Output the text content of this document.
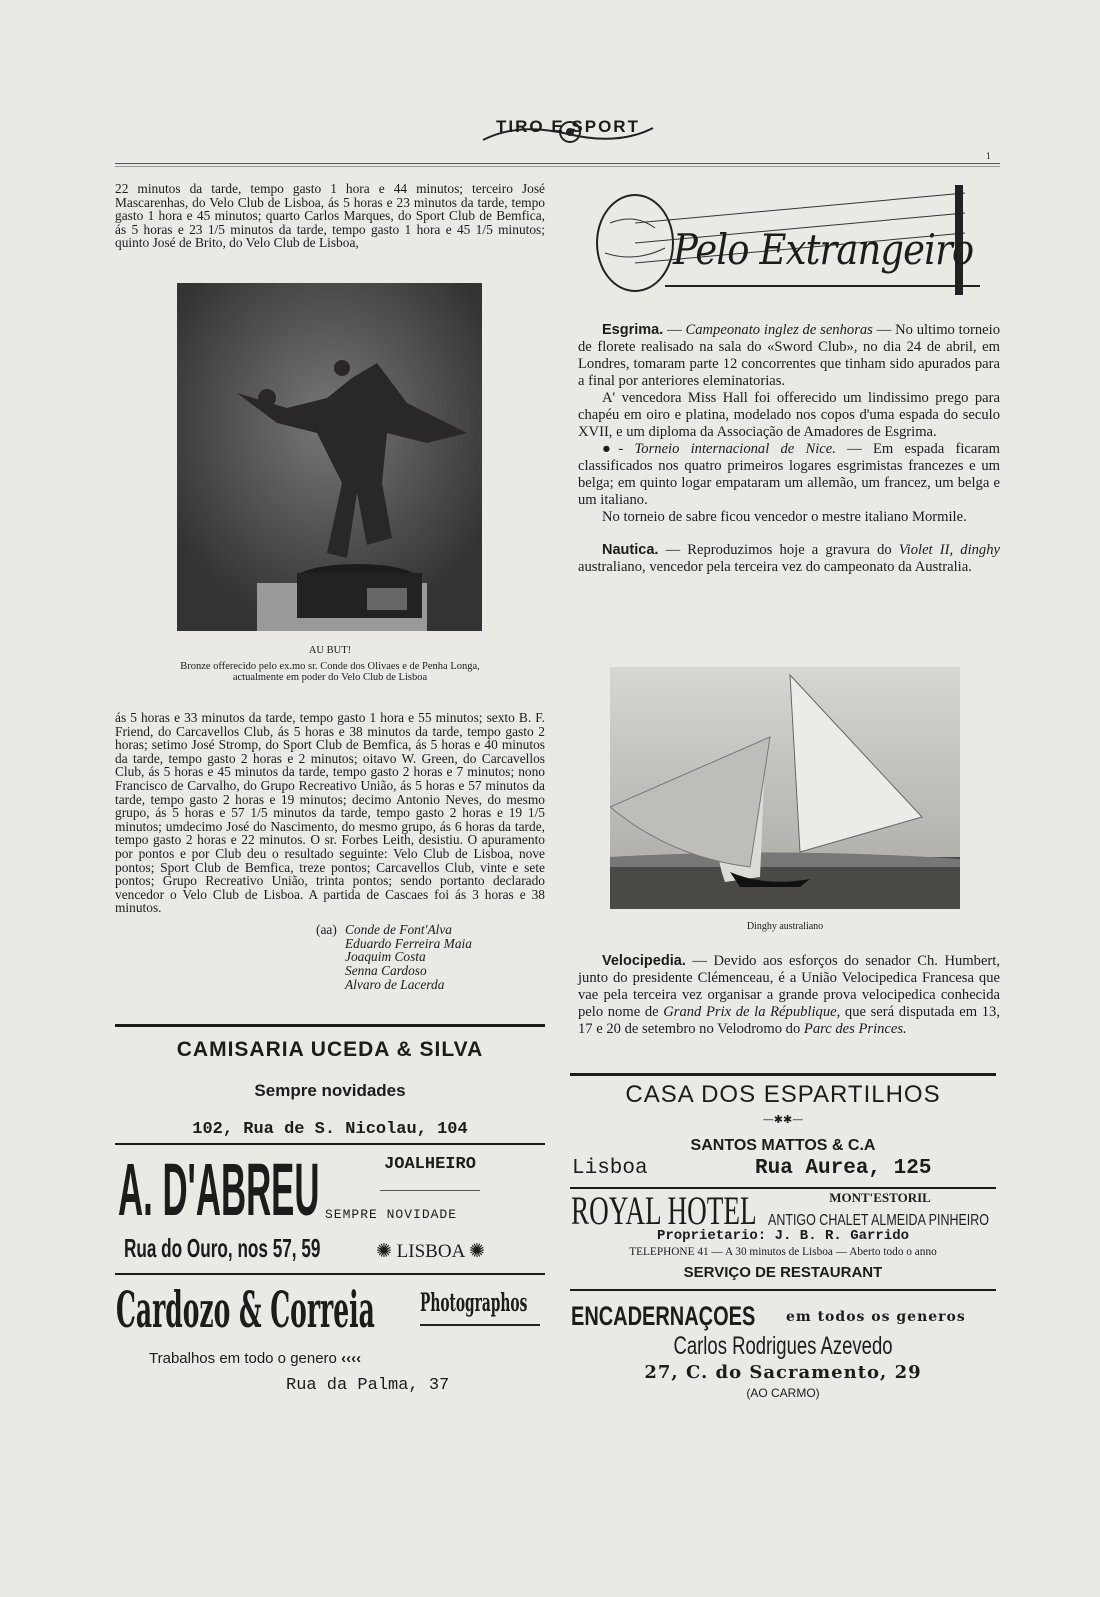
TIRO E SPORT
1
22 minutos da tarde, tempo gasto 1 hora e 44 minutos; terceiro José Mascarenhas, do Velo Club de Lisboa, ás 5 horas e 23 minutos da tarde, tempo gasto 1 hora e 45 minutos; quarto Carlos Marques, do Sport Club de Bemfica, ás 5 horas e 23 1/5 minutos da tarde, tempo gasto 1 hora e 45 1/5 minutos; quinto José de Brito, do Velo Club de Lisboa,
AU BUT!
Bronze offerecido pelo ex.mo sr. Conde dos Olivaes e de Penha Longa,
actualmente em poder do Velo Club de Lisboa
ás 5 horas e 33 minutos da tarde, tempo gasto 1 hora e 55 minutos; sexto B. F. Friend, do Carcavellos Club, ás 5 horas e 38 minutos da tarde, tempo gasto 2 horas; setimo José Stromp, do Sport Club de Bemfica, ás 5 horas e 40 minutos da tarde, tempo gasto 2 horas e 2 minutos; oitavo W. Green, do Carcavellos Club, ás 5 horas e 45 minutos da tarde, tempo gasto 2 horas e 7 minutos; nono Francisco de Carvalho, do Grupo Recreativo União, ás 5 horas e 57 minutos da tarde, tempo gasto 2 horas e 19 minutos; decimo Antonio Neves, do mesmo grupo, ás 5 horas e 57 1/5 minutos da tarde, tempo gasto 2 horas e 19 1/5 minutos; umdecimo José do Nascimento, do mesmo grupo, ás 6 horas da tarde, tempo gasto 2 horas e 22 minutos. O sr. Forbes Leith, desistiu. O apuramento por pontos e por Club deu o resultado seguinte: Velo Club de Lisboa, nove pontos; Sport Club de Bemfica, treze pontos; Carcavellos Club, vinte e sete pontos; Grupo Recreativo União, trinta pontos; sendo portanto declarado vencedor o Velo Club de Lisboa. A partida de Cascaes foi ás 3 horas e 38 minutos.
(aa) Conde de Font'Alva
Eduardo Ferreira Maia
Joaquim Costa
Senna Cardoso
Alvaro de Lacerda
Pelo Extrangeiro

Esgrima. — Campeonato inglez de senhoras — No ultimo torneio de florete realisado na sala do «Sword Club», no dia 24 de abril, em Londres, tomaram parte 12 concorrentes que tinham sido apurados para a final por anteriores eleminatorias.

A' vencedora Miss Hall foi offerecido um lindissimo prego para chapéu em oiro e platina, modelado nos copos d'uma espada do seculo XVII, e um diploma da Associação de Amadores de Esgrima.

●- Torneio internacional de Nice. — Em espada ficaram classificados nos quatro primeiros logares esgrimistas francezes e um belga; em quinto logar empataram um allemão, um francez, um belga e um italiano.

No torneio de sabre ficou vencedor o mestre italiano Mormile.

Nautica. — Reproduzimos hoje a gravura do Violet II, dinghy australiano, vencedor pela terceira vez do campeonato da Australia.

Dinghy australiano

Velocipedia. — Devido aos esforços do senador Ch. Humbert, junto do presidente Clémenceau, é a União Velocipedica Francesa que vae pela terceira vez organisar a grande prova velocipedica conhecida pelo nome de Grand Prix de la République, que será disputada em 13, 17 e 20 de setembro no Velodromo do Parc des Princes.

CAMISARIA UCEDA & SILVA
Sempre novidades
102, Rua de S. Nicolau, 104
A. D'ABREU	JOALHEIRO
SEMPRE NOVIDADE
Rua do Ouro, nos 57, 59	✺ LISBOA ✺
Cardozo & Correia	Photographos
Trabalhos em todo o genero ‹‹‹‹
Rua da Palma, 37
CASA DOS ESPARTILHOS
—✱✱—
SANTOS MATTOS & C.A
Lisboa	Rua Aurea, 125
ROYAL HOTEL	MONT'ESTORIL
ANTIGO CHALET ALMEIDA PINHEIRO
Proprietario: J. B. R. Garrido
TELEPHONE 41 — A 30 minutos de Lisboa — Aberto todo o anno
SERVIÇO DE RESTAURANT
ENCADERNAÇOES	em todos os generos
Carlos Rodrigues Azevedo
27, C. do Sacramento, 29
(AO CARMO)
